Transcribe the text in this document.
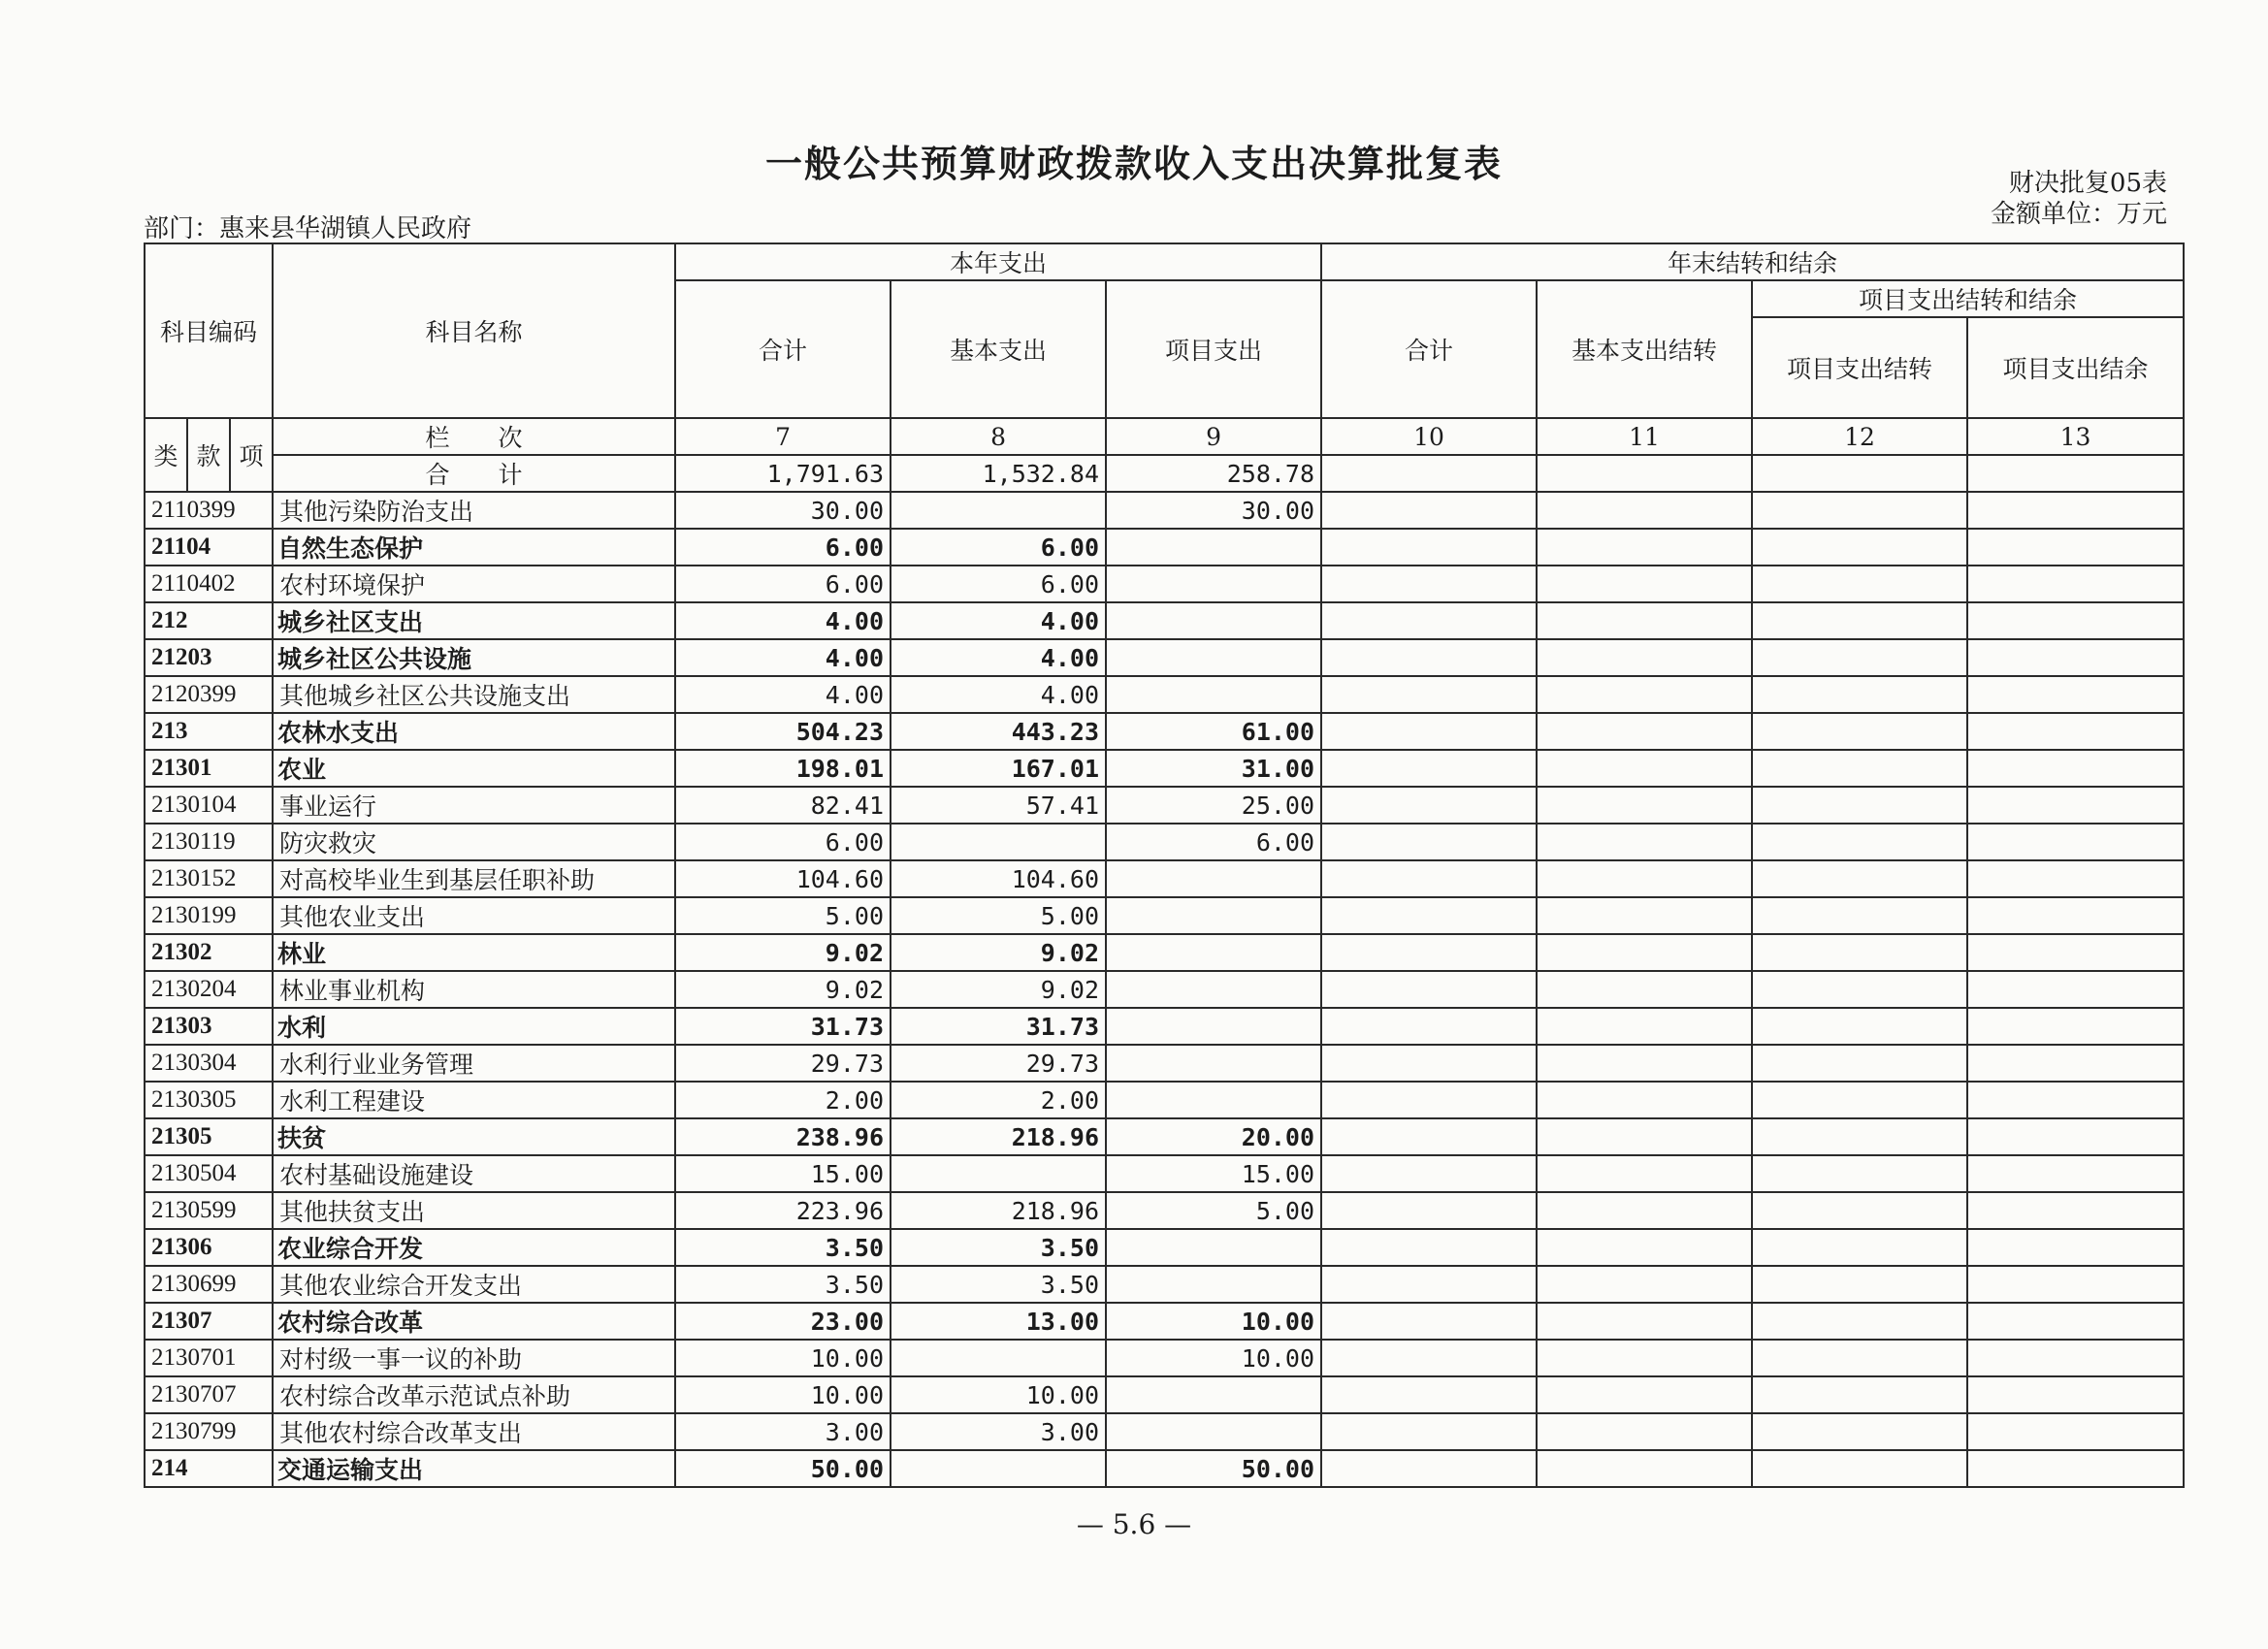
一般公共预算财政拨款收入支出决算批复表	财决批复05表
金额单位：万元
部门：惠来县华湖镇人民政府
科目编码			科目名称	本年支出			年末结转和结余			
				合计	基本支出	项目支出	合计	基本支出结转	项目支出结转和结余	
									项目支出结转	项目支出结余
类	款	项	栏　　次	7	8	9	10	11	12	13
			合　　计	1,791.63	1,532.84	258.78				
2110399			其他污染防治支出	30.00		30.00				
21104			自然生态保护	6.00	6.00					
2110402			农村环境保护	6.00	6.00					
212			城乡社区支出	4.00	4.00					
21203			城乡社区公共设施	4.00	4.00					
2120399			其他城乡社区公共设施支出	4.00	4.00					
213			农林水支出	504.23	443.23	61.00				
21301			农业	198.01	167.01	31.00				
2130104			事业运行	82.41	57.41	25.00				
2130119			防灾救灾	6.00		6.00				
2130152			对高校毕业生到基层任职补助	104.60	104.60					
2130199			其他农业支出	5.00	5.00					
21302			林业	9.02	9.02					
2130204			林业事业机构	9.02	9.02					
21303			水利	31.73	31.73					
2130304			水利行业业务管理	29.73	29.73					
2130305			水利工程建设	2.00	2.00					
21305			扶贫	238.96	218.96	20.00				
2130504			农村基础设施建设	15.00		15.00				
2130599			其他扶贫支出	223.96	218.96	5.00				
21306			农业综合开发	3.50	3.50					
2130699			其他农业综合开发支出	3.50	3.50					
21307			农村综合改革	23.00	13.00	10.00				
2130701			对村级一事一议的补助	10.00		10.00				
2130707			农村综合改革示范试点补助	10.00	10.00					
2130799			其他农村综合改革支出	3.00	3.00					
214			交通运输支出	50.00		50.00				
— 5.6 —
